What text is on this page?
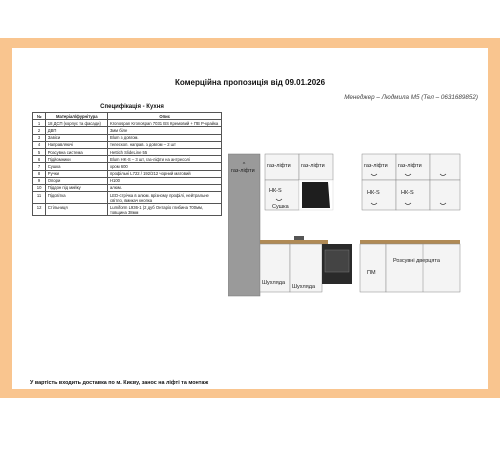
Комерційна пропозиція від 09.01.2026
Менеджер – Людмила М5 (Тел – 0631689852)
Специфікація - Кухня
№	Матеріал/фурнітура	Опис
1	18 ДСП (корпус та фасади)	Kronospan Kronospan 7031 BS Кремовий + ПВ Р-крайка
2	ДВП	3мм біле
3	Завіси	Blum з довгом.
4	Направляючі	телескоп. направ. з довгом – 2 шт
5	Розсувна система	Hettich SlideLine 55
6	Підйомники	Blum HK-S – 3 шт, газ-ліфти на антресолі
7	Сушка	хром 600
8	Ручки	профільні L722 / 192/212 чорний матовий
9	Опори	H100
10	Піддон під мийку	алюм.
11	Підсвітка	LED-стрічка в алюм. врізному профілі, нейтральне світло, вмикач кнопка
12	Стільниця	Lumiform L936-1 (2 дуб Онтаріо глибина 700мм, товщина 38мм
У вартість входить доставка по м. Києву, занос на ліфті та монтаж
газ-ліфти
^	газ-ліфти газ-ліфти
НК-S
Сушка
газ-ліфти газ-ліфти
НК-S	НК-S
Шухляда
Шухляда
ПМ
Розсувні дверцята
